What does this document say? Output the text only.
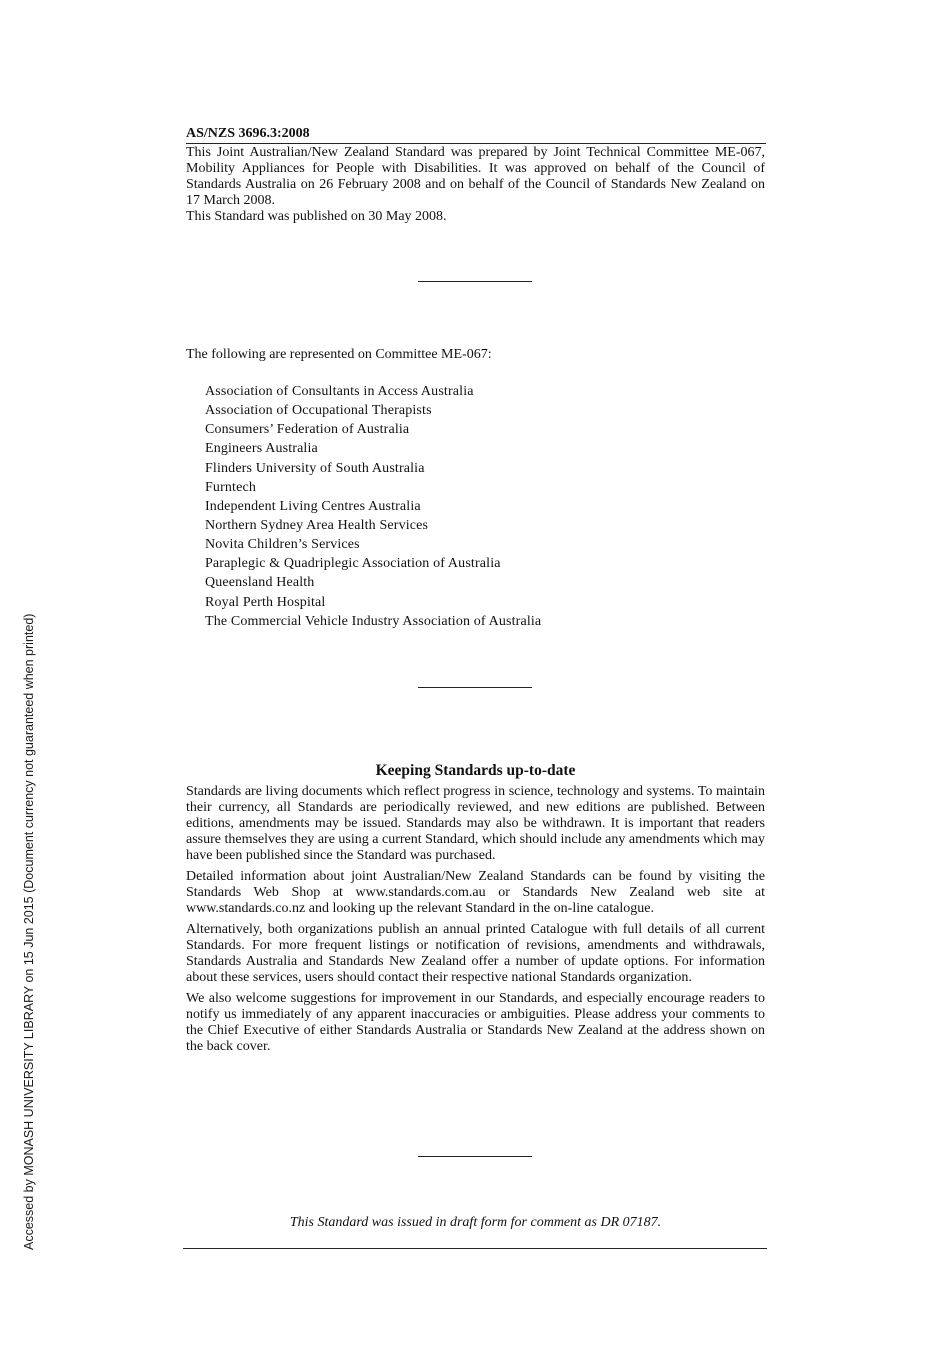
Accessed by MONASH UNIVERSITY LIBRARY on 15 Jun 2015 (Document currency not guaranteed when printed)
AS/NZS 3696.3:2008

This Joint Australian/New Zealand Standard was prepared by Joint Technical Committee ME-067, Mobility Appliances for People with Disabilities. It was approved on behalf of the Council of Standards Australia on 26 February 2008 and on behalf of the Council of Standards New Zealand on 17 March 2008.

This Standard was published on 30 May 2008.

The following are represented on Committee ME-067:
Association of Consultants in Access Australia
Association of Occupational Therapists
Consumers’ Federation of Australia
Engineers Australia
Flinders University of South Australia
Furntech
Independent Living Centres Australia
Northern Sydney Area Health Services
Novita Children’s Services
Paraplegic & Quadriplegic Association of Australia
Queensland Health
Royal Perth Hospital
The Commercial Vehicle Industry Association of Australia
Keeping Standards up-to-date

Standards are living documents which reflect progress in science, technology and systems. To maintain their currency, all Standards are periodically reviewed, and new editions are published. Between editions, amendments may be issued. Standards may also be withdrawn. It is important that readers assure themselves they are using a current Standard, which should include any amendments which may have been published since the Standard was purchased.

Detailed information about joint Australian/New Zealand Standards can be found by visiting the Standards Web Shop at www.standards.com.au or Standards New Zealand web site at www.standards.co.nz and looking up the relevant Standard in the on-line catalogue.

Alternatively, both organizations publish an annual printed Catalogue with full details of all current Standards. For more frequent listings or notification of revisions, amendments and withdrawals, Standards Australia and Standards New Zealand offer a number of update options. For information about these services, users should contact their respective national Standards organization.

We also welcome suggestions for improvement in our Standards, and especially encourage readers to notify us immediately of any apparent inaccuracies or ambiguities. Please address your comments to the Chief Executive of either Standards Australia or Standards New Zealand at the address shown on the back cover.

This Standard was issued in draft form for comment as DR 07187.
